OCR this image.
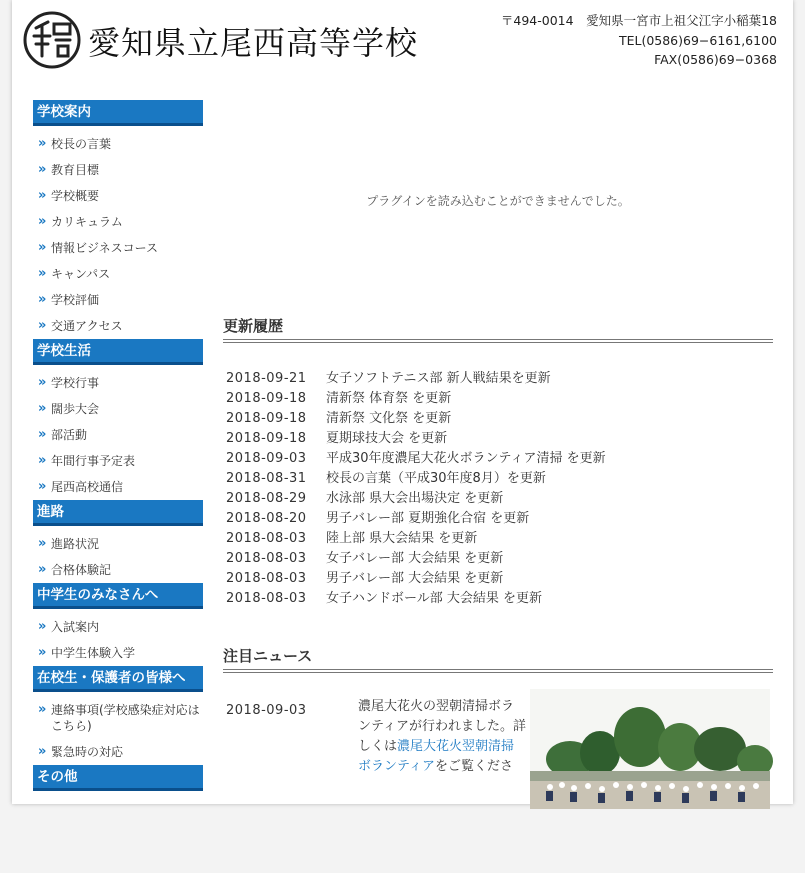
愛知県立尾西高等学校
〒494-0014　愛知県一宮市上祖父江字小稲葉18
TEL(0586)69−6161,6100
FAX(0586)69−0368
学校案内
» 校長の言葉
» 教育目標
» 学校概要
» カリキュラム
» 情報ビジネスコース
» キャンパス
» 学校評価
» 交通アクセス
学校生活
» 学校行事
» 闊歩大会
» 部活動
» 年間行事予定表
» 尾西高校通信
進路
» 進路状況
» 合格体験記
中学生のみなさんへ
» 入試案内
» 中学生体験入学
在校生・保護者の皆様へ
» 連絡事項(学校感染症対応はこちら)
» 緊急時の対応
その他
プラグインを読み込むことができませんでした。
更新履歴
2018-09-21	女子ソフトテニス部 新人戦結果を更新
2018-09-18	清新祭 体育祭 を更新
2018-09-18	清新祭 文化祭 を更新
2018-09-18	夏期球技大会 を更新
2018-09-03	平成30年度濃尾大花火ボランティア清掃 を更新
2018-08-31	校長の言葉（平成30年度8月）を更新
2018-08-29	水泳部 県大会出場決定 を更新
2018-08-20	男子バレー部 夏期強化合宿 を更新
2018-08-03	陸上部 県大会結果 を更新
2018-08-03	女子バレー部 大会結果 を更新
2018-08-03	男子バレー部 大会結果 を更新
2018-08-03	女子ハンドボール部 大会結果 を更新
注目ニュース
2018-09-03	濃尾大花火の翌朝清掃ボランティアが行われました。詳しくは濃尾大花火翌朝清掃ボランティアをご覧くださ
